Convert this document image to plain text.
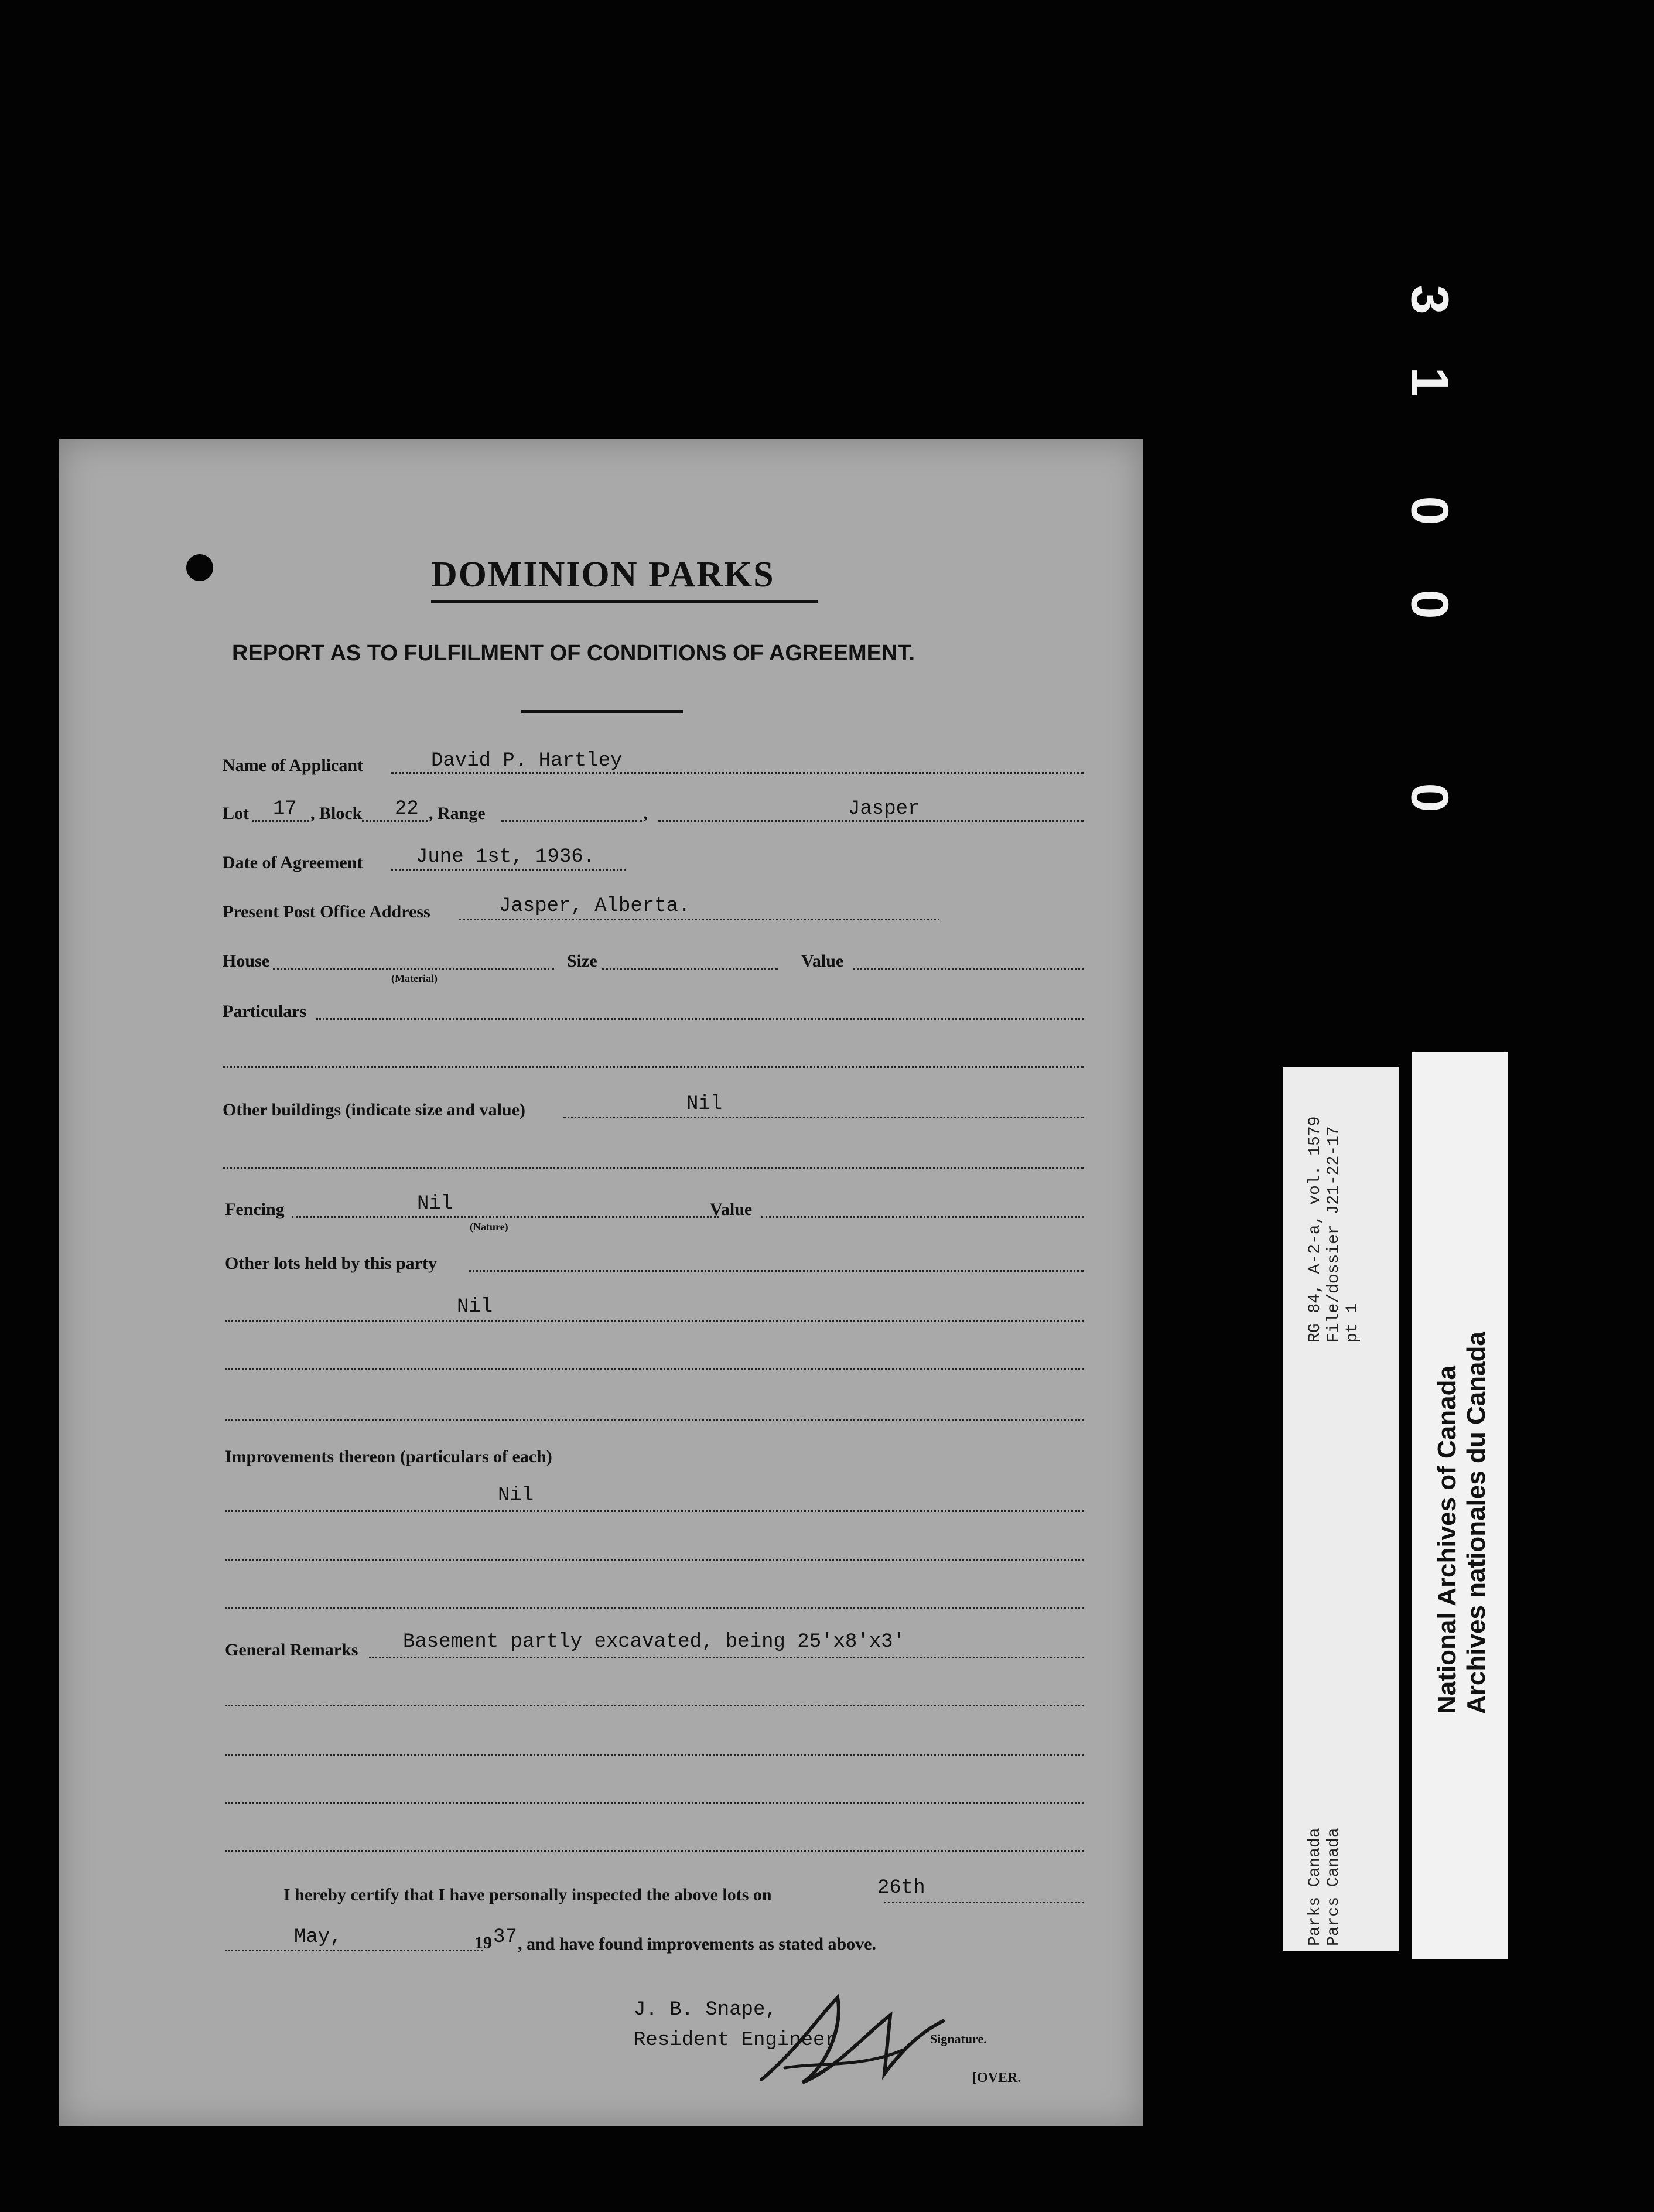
3
1
0
0
0
RG 84, A-2-a, vol. 1579 File/dossier J21-22-17 pt 1
Parks Canada Parcs Canada
National Archives of Canada Archives nationales du Canada
DOMINION PARKS
REPORT AS TO FULFILMENT OF CONDITIONS OF AGREEMENT.
Name of Applicant	David P. Hartley
Lot 17 , Block 22 , Range	,	Jasper
Date of Agreement	June 1st, 1936.
Present Post Office Address	Jasper, Alberta.
House
(Material)
Size	Value
Particulars
Other buildings (indicate size and value)	Nil
Fencing	Nil
(Nature)
Value
Other lots held by this party
Nil
Improvements thereon (particulars of each)
Nil
General Remarks Basement partly excavated, being 25'x8'x3'
I hereby certify that I have personally inspected the above lots on	26th
May,	19 37 , and have found improvements as stated above.
J. B. Snape,
Resident Engineer	Signature.
[OVER.
